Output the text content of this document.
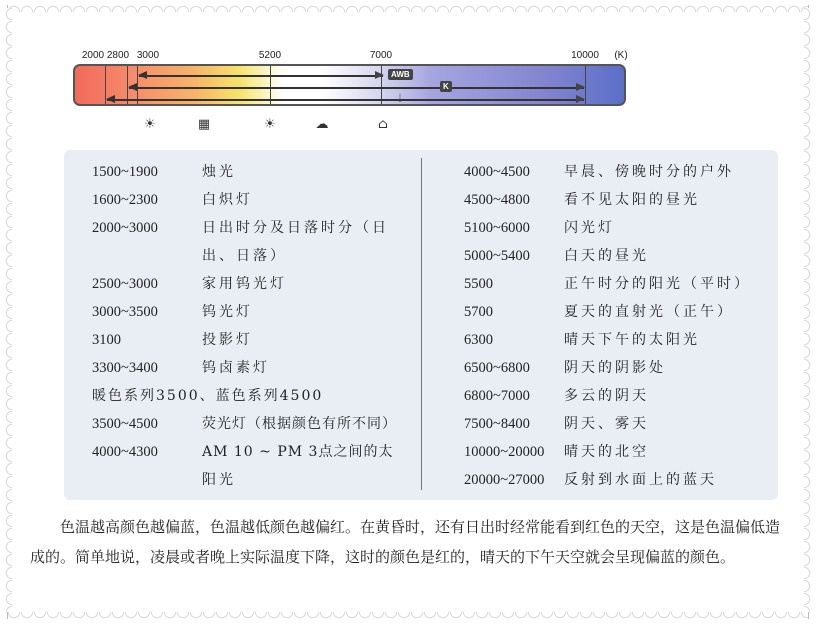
2000 2800 3000	5200	7000	10000 (K)
AWB
K
⏚
☀	▦	☀	☁	⌂
1500~1900	烛光
1600~2300	白炽灯
2000~3000	日出时分及日落时分（日
出、日落）
2500~3000	家用钨光灯
3000~3500	钨光灯
3100	投影灯
3300~3400	钨卤素灯
暖色系列3500、蓝色系列4500
3500~4500	荧光灯（根据颜色有所不同）
4000~4300	AM 10 ~ PM 3点之间的太
阳光
4000~4500	早晨、傍晚时分的户外
4500~4800	看不见太阳的昼光
5100~6000	闪光灯
5000~5400	白天的昼光
5500	正午时分的阳光（平时）
5700	夏天的直射光（正午）
6300	晴天下午的太阳光
6500~6800	阴天的阴影处
6800~7000	多云的阴天
7500~8400	阴天、雾天
10000~20000	晴天的北空
20000~27000	反射到水面上的蓝天

色温越高颜色越偏蓝，色温越低颜色越偏红。在黄昏时，还有日出时经常能看到红色的天空，这是色温偏低造成的。简单地说，凌晨或者晚上实际温度下降，这时的颜色是红的，晴天的下午天空就会呈现偏蓝的颜色。
